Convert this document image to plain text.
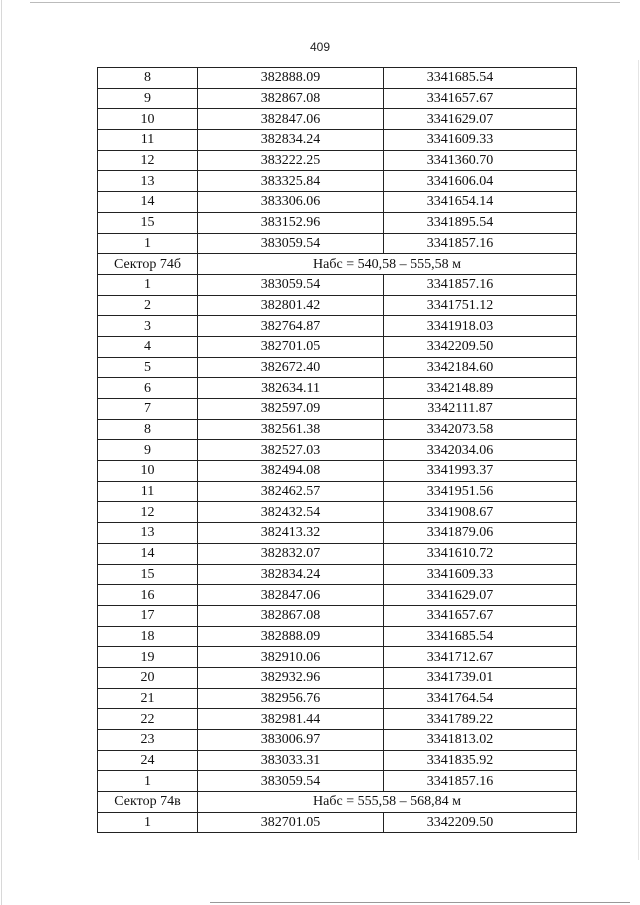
409
8	382888.09	3341685.54
9	382867.08	3341657.67
10	382847.06	3341629.07
11	382834.24	3341609.33
12	383222.25	3341360.70
13	383325.84	3341606.04
14	383306.06	3341654.14
15	383152.96	3341895.54
1	383059.54	3341857.16
Сектор 74б	Набс = 540,58 – 555,58 м	
1	383059.54	3341857.16
2	382801.42	3341751.12
3	382764.87	3341918.03
4	382701.05	3342209.50
5	382672.40	3342184.60
6	382634.11	3342148.89
7	382597.09	3342111.87
8	382561.38	3342073.58
9	382527.03	3342034.06
10	382494.08	3341993.37
11	382462.57	3341951.56
12	382432.54	3341908.67
13	382413.32	3341879.06
14	382832.07	3341610.72
15	382834.24	3341609.33
16	382847.06	3341629.07
17	382867.08	3341657.67
18	382888.09	3341685.54
19	382910.06	3341712.67
20	382932.96	3341739.01
21	382956.76	3341764.54
22	382981.44	3341789.22
23	383006.97	3341813.02
24	383033.31	3341835.92
1	383059.54	3341857.16
Сектор 74в	Набс = 555,58 – 568,84 м	
1	382701.05	3342209.50
